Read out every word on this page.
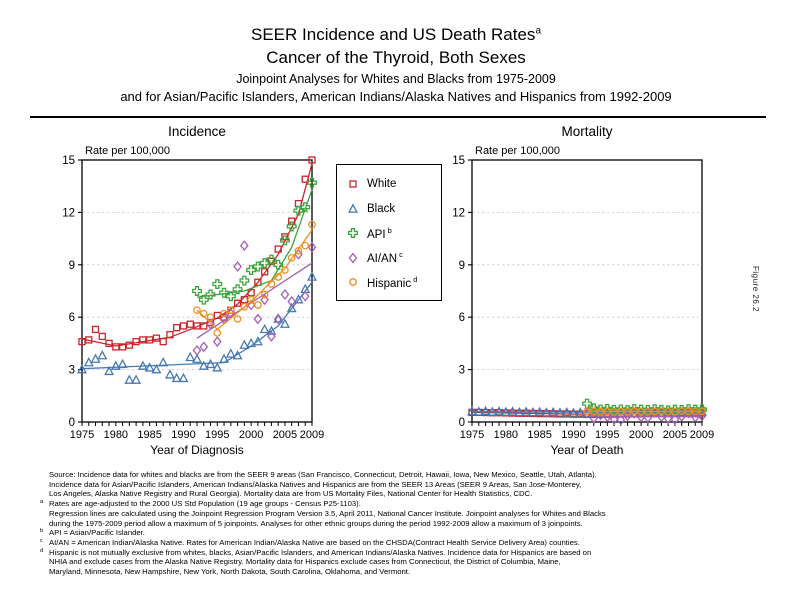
SEER Incidence and US Death Rates$^a$
Cancer of the Thyroid, Both Sexes
Joinpoint Analyses for Whites and Blacks from 1975-2009
and for Asian/Pacific Islanders, American Indians/Alaska Natives and Hispanics from 1992-2009
Incidence	Mortality
Rate per 100,000	Rate per 100,000
0
3
6
9
12
15
1975 1980 1985 1990 1995 2000 2005 2009
0
3
6
9
12
15
1975 1980 1985 1990 1995 2000 2005 2009
Year of Diagnosis	Year of Death
White
Black
API $^b$
AI/AN $^c$
Hispanic $^d$	Figure 26.2
Source: Incidence data for whites and blacks are from the SEER 9 areas (San Francisco, Connecticut, Detroit, Hawaii, Iowa, New Mexico, Seattle, Utah, Atlanta).
Incidence data for Asian/Pacific Islanders, American Indians/Alaska Natives and Hispanics are from the SEER 13 Areas (SEER 9 Areas, San Jose-Monterey,
Los Angeles, Alaska Native Registry and Rural Georgia). Mortality data are from US Mortality Files, National Center for Health Statistics, CDC.
a Rates are age-adjusted to the 2000 US Std Population (19 age groups - Census P25-1103).
Regression lines are calculated using the Joinpoint Regression Program Version 3.5, April 2011, National Cancer Institute. Joinpoint analyses for Whites and Blacks
during the 1975-2009 period allow a maximum of 5 joinpoints. Analyses for other ethnic groups during the period 1992-2009 allow a maximum of 3 joinpoints.
b API = Asian/Pacific Islander.
c AI/AN = American Indian/Alaska Native. Rates for American Indian/Alaska Native are based on the CHSDA(Contract Health Service Delivery Area) counties.
d Hispanic is not mutually exclusive from whites, blacks, Asian/Pacific Islanders, and American Indians/Alaska Natives. Incidence data for Hispanics are based on
NHIA and exclude cases from the Alaska Native Registry. Mortality data for Hispanics exclude cases from Connecticut, the District of Columbia, Maine,
Maryland, Minnesota, New Hampshire, New York, North Dakota, South Carolina, Oklahoma, and Vermont.
